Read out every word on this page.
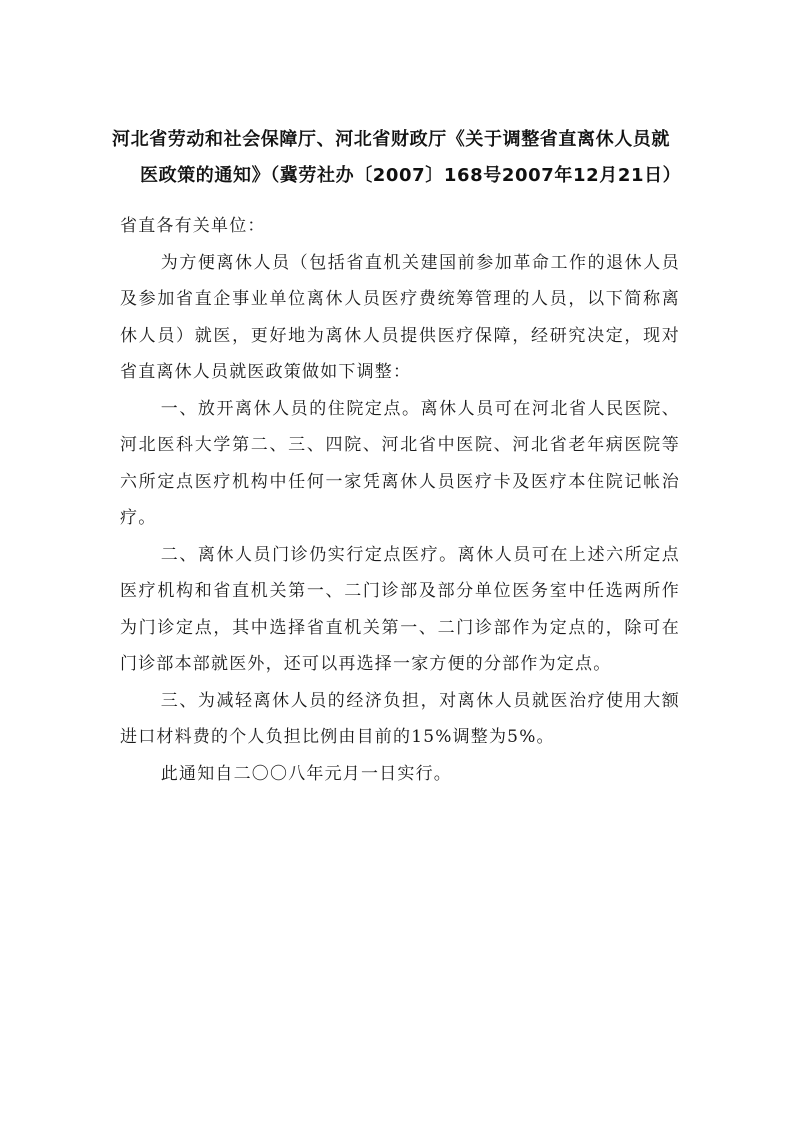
河北省劳动和社会保障厅、河北省财政厅《关于调整省直离休人员就
医政策的通知》（冀劳社办〔2007〕168号2007年12月21日）

省直各有关单位：

为方便离休人员（包括省直机关建国前参加革命工作的退休人员及参加省直企事业单位离休人员医疗费统筹管理的人员，以下简称离休人员）就医，更好地为离休人员提供医疗保障，经研究决定，现对省直离休人员就医政策做如下调整：

一、放开离休人员的住院定点。离休人员可在河北省人民医院、河北医科大学第二、三、四院、河北省中医院、河北省老年病医院等六所定点医疗机构中任何一家凭离休人员医疗卡及医疗本住院记帐治疗。

二、离休人员门诊仍实行定点医疗。离休人员可在上述六所定点医疗机构和省直机关第一、二门诊部及部分单位医务室中任选两所作为门诊定点，其中选择省直机关第一、二门诊部作为定点的，除可在门诊部本部就医外，还可以再选择一家方便的分部作为定点。

三、为减轻离休人员的经济负担，对离休人员就医治疗使用大额进口材料费的个人负担比例由目前的15%调整为5%。

此通知自二〇〇八年元月一日实行。
